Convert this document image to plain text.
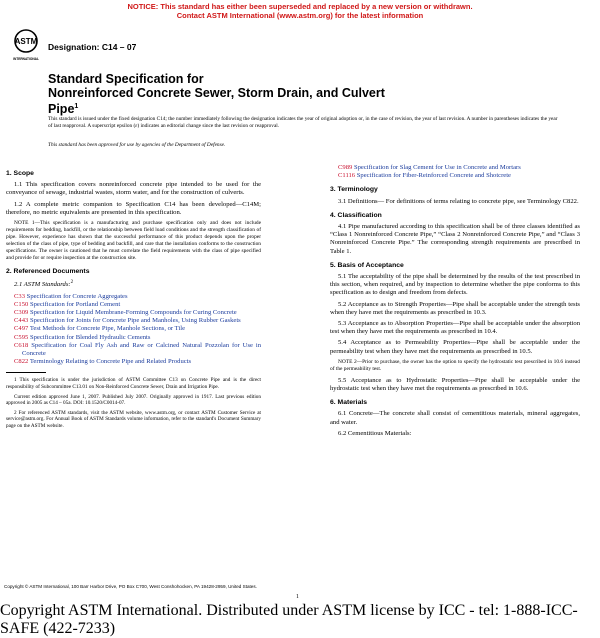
NOTICE: This standard has either been superseded and replaced by a new version or withdrawn.
Contact ASTM International (www.astm.org) for the latest information
ASTM
INTERNATIONAL
Designation: C14 – 07
Standard Specification for
Nonreinforced Concrete Sewer, Storm Drain, and Culvert
Pipe$^1$
This standard is issued under the fixed designation C14; the number immediately following the designation indicates the year of original adoption or, in the case of revision, the year of last revision. A number in parentheses indicates the year of last reapproval. A superscript epsilon (ε) indicates an editorial change since the last revision or reapproval.
This standard has been approved for use by agencies of the Department of Defense.
1. Scope

1.1 This specification covers nonreinforced concrete pipe intended to be used for the conveyance of sewage, industrial wastes, storm water, and for the construction of culverts.

1.2 A complete metric companion to Specification C14 has been developed—C14M; therefore, no metric equivalents are presented in this specification.

NOTE 1—This specification is a manufacturing and purchase specification only and does not include requirements for bedding, backfill, or the relationship between field load conditions and the strength classification of pipe. However, experience has shown that the successful performance of this product depends upon the proper selection of the class of pipe, type of bedding and backfill, and care that the installation conforms to the construction specifications. The owner is cautioned that he must correlate the field requirements with the class of pipe specified and provide for or require inspection at the construction site.

2. Referenced Documents

2.1 ASTM Standards:$^2$

C33 Specification for Concrete Aggregates
C150 Specification for Portland Cement
C309 Specification for Liquid Membrane-Forming Compounds for Curing Concrete
C443 Specification for Joints for Concrete Pipe and Manholes, Using Rubber Gaskets
C497 Test Methods for Concrete Pipe, Manhole Sections, or Tile
C595 Specification for Blended Hydraulic Cements
C618 Specification for Coal Fly Ash and Raw or Calcined Natural Pozzolan for Use in Concrete
C822 Terminology Relating to Concrete Pipe and Related Products

1 This specification is under the jurisdiction of ASTM Committee C13 on Concrete Pipe and is the direct responsibility of Subcommittee C13.01 on Non-Reinforced Concrete Sewer, Drain and Irrigation Pipe.

Current edition approved June 1, 2007. Published July 2007. Originally approved in 1917. Last previous edition approved in 2005 as C14 – 05a. DOI: 10.1520/C0014-07.

2 For referenced ASTM standards, visit the ASTM website, www.astm.org, or contact ASTM Customer Service at service@astm.org. For Annual Book of ASTM Standards volume information, refer to the standard's Document Summary page on the ASTM website.

C989 Specification for Slag Cement for Use in Concrete and Mortars
C1116 Specification for Fiber-Reinforced Concrete and Shotcrete
3. Terminology

3.1 Definitions— For definitions of terms relating to concrete pipe, see Terminology C822.

4. Classification

4.1 Pipe manufactured according to this specification shall be of three classes identified as “Class 1 Nonreinforced Concrete Pipe,” “Class 2 Nonreinforced Concrete Pipe,” and “Class 3 Nonreinforced Concrete Pipe.” The corresponding strength requirements are prescribed in Table 1.

5. Basis of Acceptance

5.1 The acceptability of the pipe shall be determined by the results of the test prescribed in this section, when required, and by inspection to determine whether the pipe conforms to this specification as to design and freedom from defects.

5.2 Acceptance as to Strength Properties—Pipe shall be acceptable under the strength tests when they have met the requirements as prescribed in 10.3.

5.3 Acceptance as to Absorption Properties—Pipe shall be acceptable under the absorption test when they have met the requirements as prescribed in 10.4.

5.4 Acceptance as to Permeability Properties—Pipe shall be acceptable under the permeability test when they have met the requirements as prescribed in 10.5.

NOTE 2—Prior to purchase, the owner has the option to specify the hydrostatic test prescribed in 10.6 instead of the permeability test.

5.5 Acceptance as to Hydrostatic Properties—Pipe shall be acceptable under the hydrostatic test when they have met the requirements as prescribed in 10.6.

6. Materials

6.1 Concrete—The concrete shall consist of cementitious materials, mineral aggregates, and water.

6.2 Cementitious Materials:

Copyright © ASTM International, 100 Barr Harbor Drive, PO Box C700, West Conshohocken, PA 19428-2959, United States.
1
Copyright ASTM International. Distributed under ASTM license by ICC - tel: 1-888-ICC-SAFE (422-7233)
